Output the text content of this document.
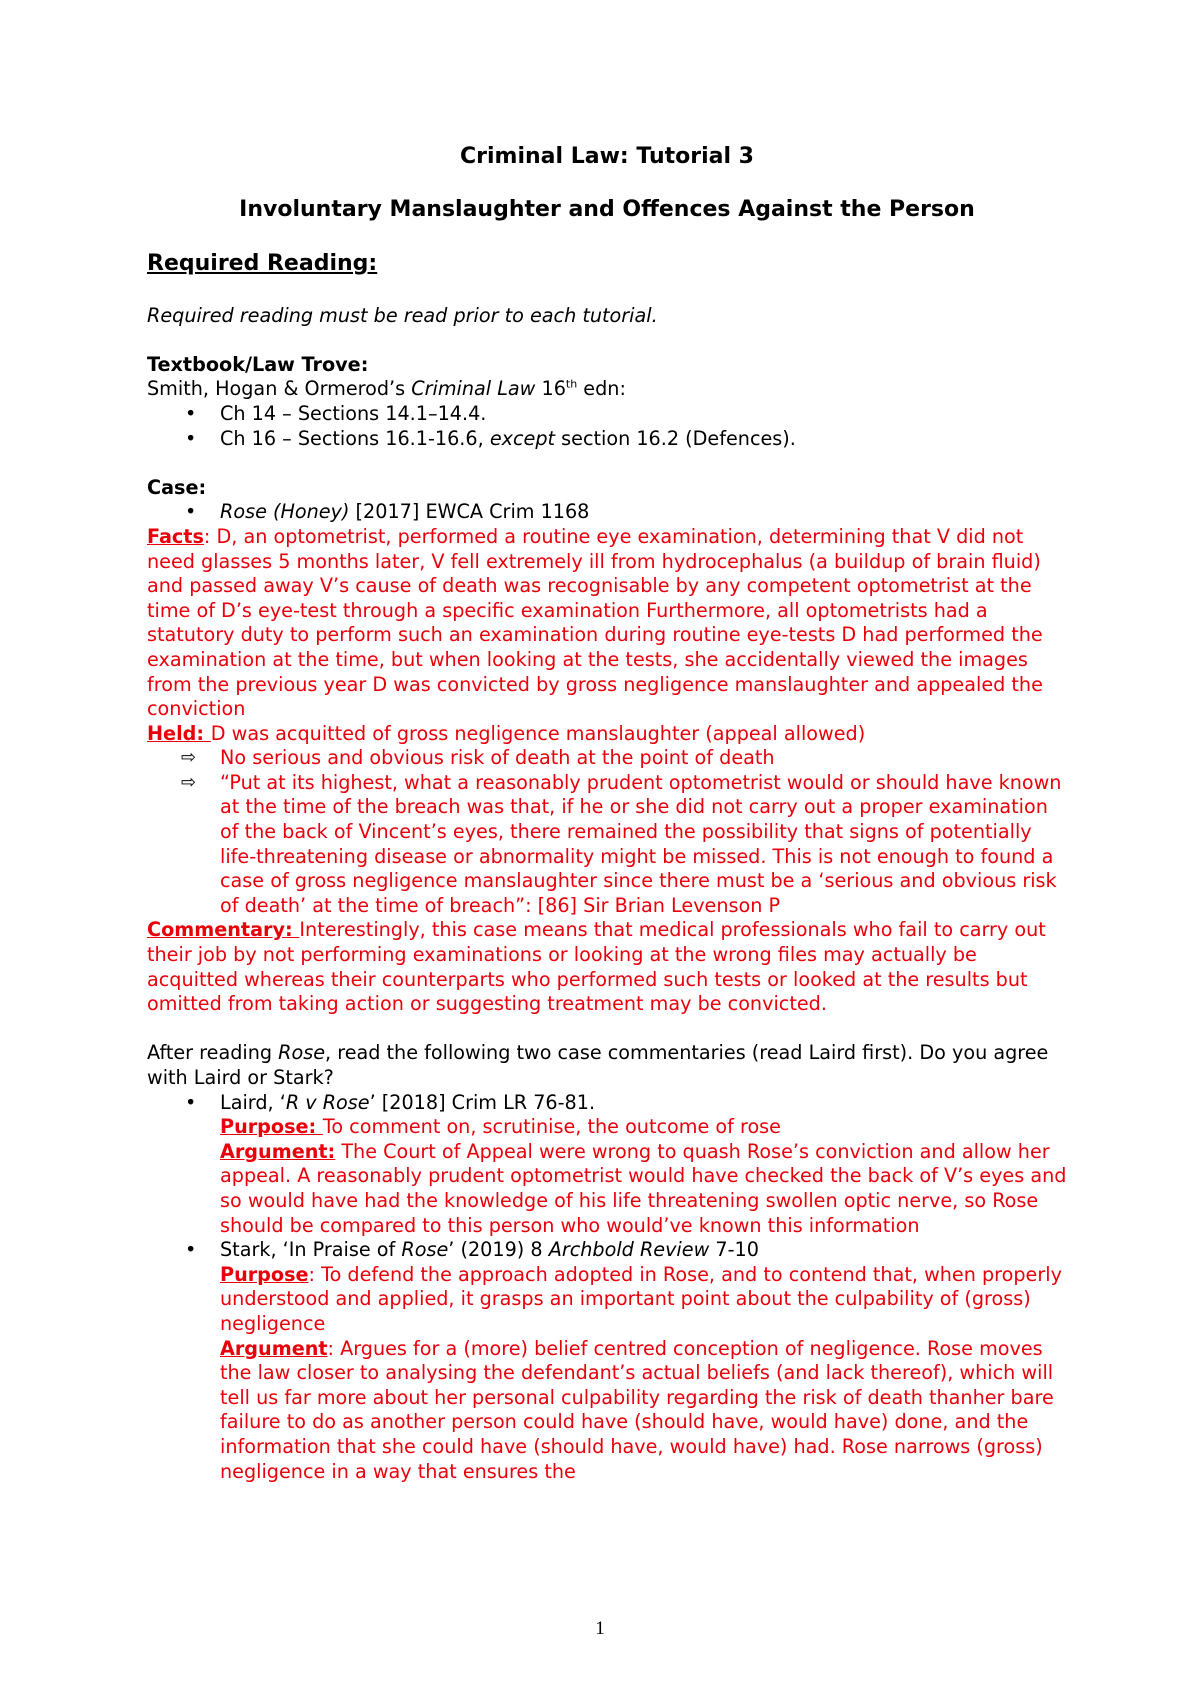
Criminal Law: Tutorial 3

Involuntary Manslaughter and Offences Against the Person

Required Reading:

Required reading must be read prior to each tutorial.

Textbook/Law Trove:

Smith, Hogan & Ormerod’s Criminal Law 16th edn:

• Ch 14 – Sections 14.1–14.4.
• Ch 16 – Sections 16.1-16.6, except section 16.2 (Defences).

Case:

• Rose (Honey) [2017] EWCA Crim 1168

Facts: D, an optometrist, performed a routine eye examination, determining that V did not need glasses 5 months later, V fell extremely ill from hydrocephalus (a buildup of brain fluid) and passed away V’s cause of death was recognisable by any competent optometrist at the time of D’s eye-test through a specific examination Furthermore, all optometrists had a statutory duty to perform such an examination during routine eye-tests D had performed the examination at the time, but when looking at the tests, she accidentally viewed the images from the previous year D was convicted by gross negligence manslaughter and appealed the conviction

Held: D was acquitted of gross negligence manslaughter (appeal allowed)

⇨ No serious and obvious risk of death at the point of death
⇨ “Put at its highest, what a reasonably prudent optometrist would or should have known at the time of the breach was that, if he or she did not carry out a proper examination of the back of Vincent’s eyes, there remained the possibility that signs of potentially life-threatening disease or abnormality might be missed. This is not enough to found a case of gross negligence manslaughter since there must be a ‘serious and obvious risk of death’ at the time of breach”: [86] Sir Brian Levenson P

Commentary: Interestingly, this case means that medical professionals who fail to carry out their job by not performing examinations or looking at the wrong files may actually be acquitted whereas their counterparts who performed such tests or looked at the results but omitted from taking action or suggesting treatment may be convicted.

After reading Rose, read the following two case commentaries (read Laird first). Do you agree with Laird or Stark?

• Laird, ‘R v Rose’ [2018] Crim LR 76-81.
Purpose: To comment on, scrutinise, the outcome of rose
Argument: The Court of Appeal were wrong to quash Rose’s conviction and allow her appeal. A reasonably prudent optometrist would have checked the back of V’s eyes and so would have had the knowledge of his life threatening swollen optic nerve, so Rose should be compared to this person who would’ve known this information
• Stark, ‘In Praise of Rose’ (2019) 8 Archbold Review 7-10
Purpose: To defend the approach adopted in Rose, and to contend that, when properly understood and applied, it grasps an important point about the culpability of (gross) negligence
Argument: Argues for a (more) belief centred conception of negligence. Rose moves the law closer to analysing the defendant’s actual beliefs (and lack thereof), which will tell us far more about her personal culpability regarding the risk of death thanher bare failure to do as another person could have (should have, would have) done, and the information that she could have (should have, would have) had. Rose narrows (gross) negligence in a way that ensures the
1
